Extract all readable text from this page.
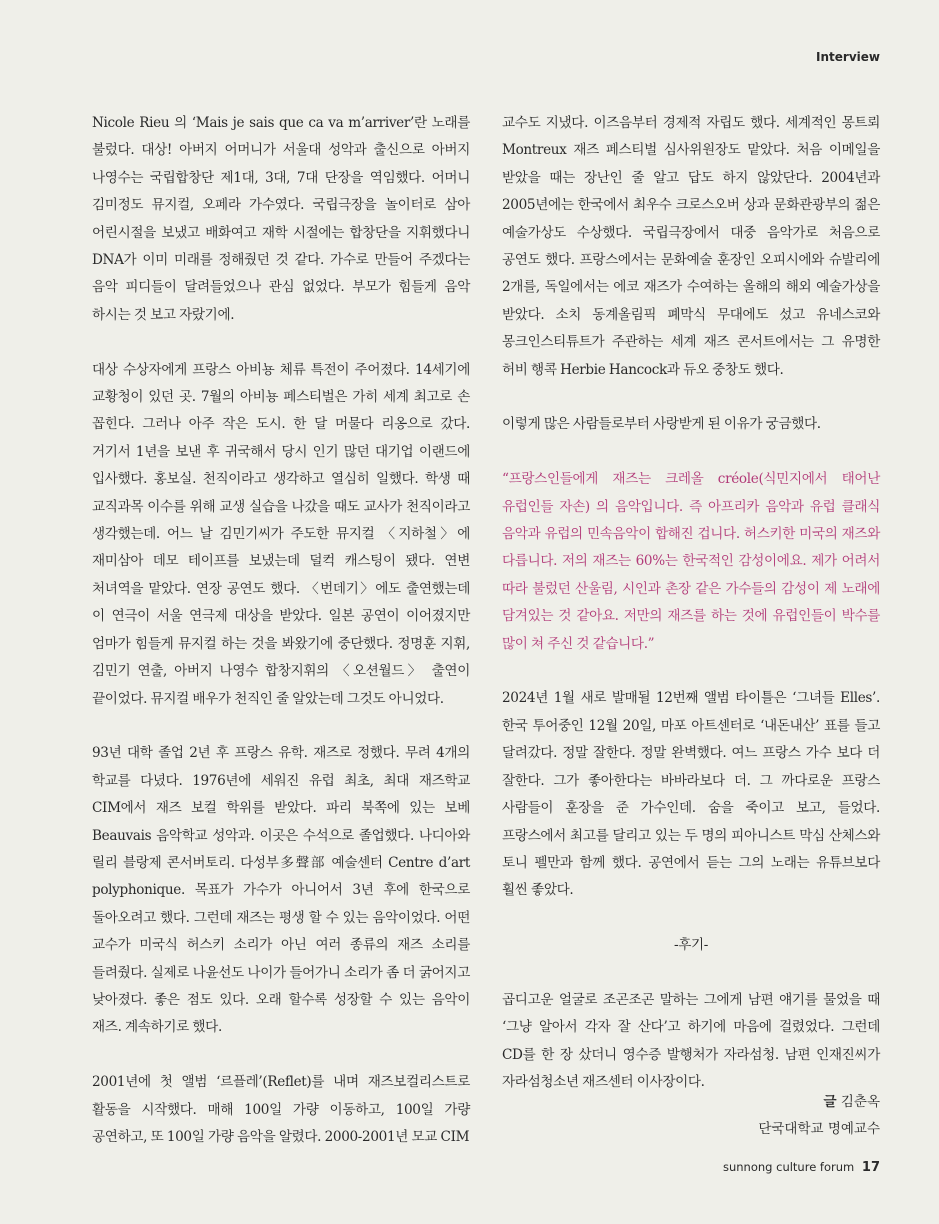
Interview

Nicole Rieu 의 ‘Mais je sais que ca va m’arriver’란 노래를 불렀다. 대상! 아버지 어머니가 서울대 성악과 출신으로 아버지 나영수는 국립합창단 제1대, 3대, 7대 단장을 역임했다. 어머니 김미정도 뮤지컬, 오페라 가수였다. 국립극장을 놀이터로 삼아 어린시절을 보냈고 배화여고 재학 시절에는 합창단을 지휘했다니 DNA가 이미 미래를 정해줬던 것 같다. 가수로 만들어 주겠다는 음악 피디들이 달려들었으나 관심 없었다. 부모가 힘들게 음악 하시는 것 보고 자랐기에.

대상 수상자에게 프랑스 아비뇽 체류 특전이 주어졌다. 14세기에 교황청이 있던 곳. 7월의 아비뇽 페스티벌은 가히 세계 최고로 손 꼽힌다. 그러나 아주 작은 도시. 한 달 머물다 리옹으로 갔다. 거기서 1년을 보낸 후 귀국해서 당시 인기 많던 대기업 이랜드에 입사했다. 홍보실. 천직이라고 생각하고 열심히 일했다. 학생 때 교직과목 이수를 위해 교생 실습을 나갔을 때도 교사가 천직이라고 생각했는데. 어느 날 김민기씨가 주도한 뮤지컬 〈지하철〉에 재미삼아 데모 테이프를 보냈는데 덜컥 캐스팅이 됐다. 연변 처녀역을 맡았다. 연장 공연도 했다. 〈번데기〉에도 출연했는데 이 연극이 서울 연극제 대상을 받았다. 일본 공연이 이어졌지만 엄마가 힘들게 뮤지컬 하는 것을 봐왔기에 중단했다. 정명훈 지휘, 김민기 연출, 아버지 나영수 합창지휘의 〈오션월드〉 출연이 끝이었다. 뮤지컬 배우가 천직인 줄 알았는데 그것도 아니었다.

93년 대학 졸업 2년 후 프랑스 유학. 재즈로 정했다. 무려 4개의 학교를 다녔다. 1976년에 세워진 유럽 최초, 최대 재즈학교 CIM에서 재즈 보컬 학위를 받았다. 파리 북쪽에 있는 보베 Beauvais 음악학교 성악과. 이곳은 수석으로 졸업했다. 나디아와 릴리 블랑제 콘서버토리. 다성부多聲部 예술센터 Centre d’art polyphonique. 목표가 가수가 아니어서 3년 후에 한국으로 돌아오려고 했다. 그런데 재즈는 평생 할 수 있는 음악이었다. 어떤 교수가 미국식 허스키 소리가 아닌 여러 종류의 재즈 소리를 들려줬다. 실제로 나윤선도 나이가 들어가니 소리가 좀 더 굵어지고 낮아졌다. 좋은 점도 있다. 오래 할수록 성장할 수 있는 음악이 재즈. 계속하기로 했다.

2001년에 첫 앨범 ‘르플레’(Reflet)를 내며 재즈보컬리스트로 활동을 시작했다. 매해 100일 가량 이동하고, 100일 가량 공연하고, 또 100일 가량 음악을 알렸다. 2000-2001년 모교 CIM

교수도 지냈다. 이즈음부터 경제적 자립도 했다. 세계적인 몽트뢰 Montreux 재즈 페스티벌 심사위원장도 맡았다. 처음 이메일을 받았을 때는 장난인 줄 알고 답도 하지 않았단다. 2004년과 2005년에는 한국에서 최우수 크로스오버 상과 문화관광부의 젊은 예술가상도 수상했다. 국립극장에서 대중 음악가로 처음으로 공연도 했다. 프랑스에서는 문화예술 훈장인 오피시에와 슈발리에 2개를, 독일에서는 에코 재즈가 수여하는 올해의 해외 예술가상을 받았다. 소치 동계올림픽 폐막식 무대에도 섰고 유네스코와 몽크인스티튜트가 주관하는 세계 재즈 콘서트에서는 그 유명한 허비 행콕 Herbie Hancock과 듀오 중창도 했다.

이렇게 많은 사람들로부터 사랑받게 된 이유가 궁금했다.

“프랑스인들에게 재즈는 크레올 créole(식민지에서 태어난 유럽인들 자손) 의 음악입니다. 즉 아프리카 음악과 유럽 클래식 음악과 유럽의 민속음악이 합해진 겁니다. 허스키한 미국의 재즈와 다릅니다. 저의 재즈는 60%는 한국적인 감성이에요. 제가 어려서 따라 불렀던 산울림, 시인과 촌장 같은 가수들의 감성이 제 노래에 담겨있는 것 같아요. 저만의 재즈를 하는 것에 유럽인들이 박수를 많이 쳐 주신 것 같습니다.”

2024년 1월 새로 발매될 12번째 앨범 타이틀은 ‘그녀들 Elles’. 한국 투어중인 12월 20일, 마포 아트센터로 ‘내돈내산’ 표를 들고 달려갔다. 정말 잘한다. 정말 완벽했다. 여느 프랑스 가수 보다 더 잘한다. 그가 좋아한다는 바바라보다 더. 그 까다로운 프랑스 사람들이 훈장을 준 가수인데. 숨을 죽이고 보고, 들었다. 프랑스에서 최고를 달리고 있는 두 명의 피아니스트 막심 산체스와 토니 펠만과 함께 했다. 공연에서 듣는 그의 노래는 유튜브보다 훨씬 좋았다.

-후기-

곱디고운 얼굴로 조곤조곤 말하는 그에게 남편 얘기를 물었을 때 ‘그냥 알아서 각자 잘 산다’고 하기에 마음에 걸렸었다. 그런데 CD를 한 장 샀더니 영수증 발행처가 자라섬청. 남편 인재진씨가 자라섬청소년 재즈센터 이사장이다.

글 김춘옥

단국대학교 명예교수

sunnong culture forum 17
